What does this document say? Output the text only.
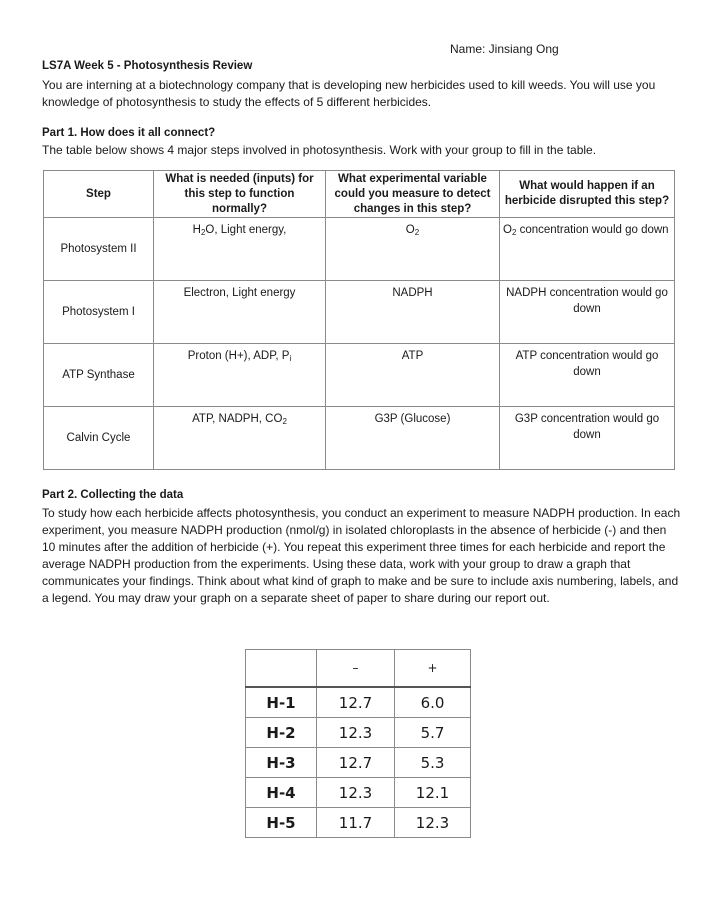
Name: Jinsiang Ong
LS7A Week 5 - Photosynthesis Review
You are interning at a biotechnology company that is developing new herbicides used to kill weeds. You will use you knowledge of photosynthesis to study the effects of 5 different herbicides.
Part 1. How does it all connect?
The table below shows 4 major steps involved in photosynthesis. Work with your group to fill in the table.
Step	What is needed (inputs) for this step to function normally?	What experimental variable could you measure to detect changes in this step?	What would happen if an herbicide disrupted this step?
Photosystem II	$H_2O$, Light energy,	$O_2$	$O_2$ concentration would go down

Photosystem I	Electron, Light energy	NADPH	NADPH concentration would go down

ATP Synthase	Proton (H+), ADP, $P_i$	ATP	ATP concentration would go down

Calvin Cycle	ATP, NADPH, $CO_2$	G3P (Glucose)	G3P concentration would go down
Part 2. Collecting the data
To study how each herbicide affects photosynthesis, you conduct an experiment to measure NADPH production. In each experiment, you measure NADPH production (nmol/g) in isolated chloroplasts in the absence of herbicide (-) and then 10 minutes after the addition of herbicide (+). You repeat this experiment three times for each herbicide and report the average NADPH production from the experiments. Using these data, work with your group to draw a graph that communicates your findings. Think about what kind of graph to make and be sure to include axis numbering, labels, and a legend. You may draw your graph on a separate sheet of paper to share during our report out.
	–	+
H-1	12.7	6.0
H-2	12.3	5.7
H-3	12.7	5.3
H-4	12.3	12.1
H-5	11.7	12.3
